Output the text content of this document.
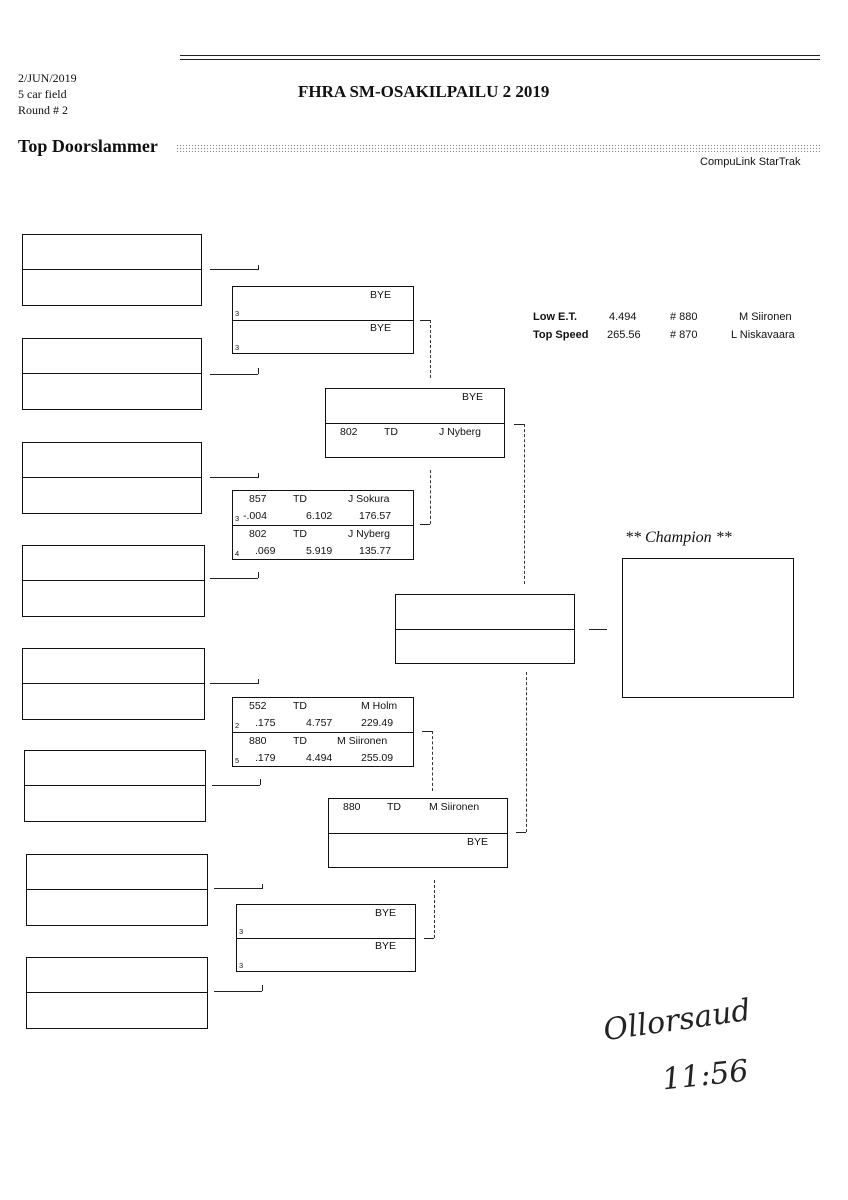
2/JUN/2019
5 car field
Round # 2
FHRA SM-OSAKILPAILU 2 2019
Top Doorslammer
CompuLink StarTrak
BYE
3
BYE
3
857	TD	J Sokura
3 -.004	6.102	176.57
802	TD	J Nyberg
4 .069	5.919	135.77
552	TD	M Holm
2 .175	4.757	229.49
880	TD	M Siironen
5 .179	4.494	255.09
BYE
3
BYE
3
BYE
802	TD	J Nyberg
880	TD	M Siironen
BYE
** Champion **
Low E.T.	4.494	# 880	M Siironen
Top Speed 265.56	# 870	L Niskavaara
Ollorsaud
11:56
